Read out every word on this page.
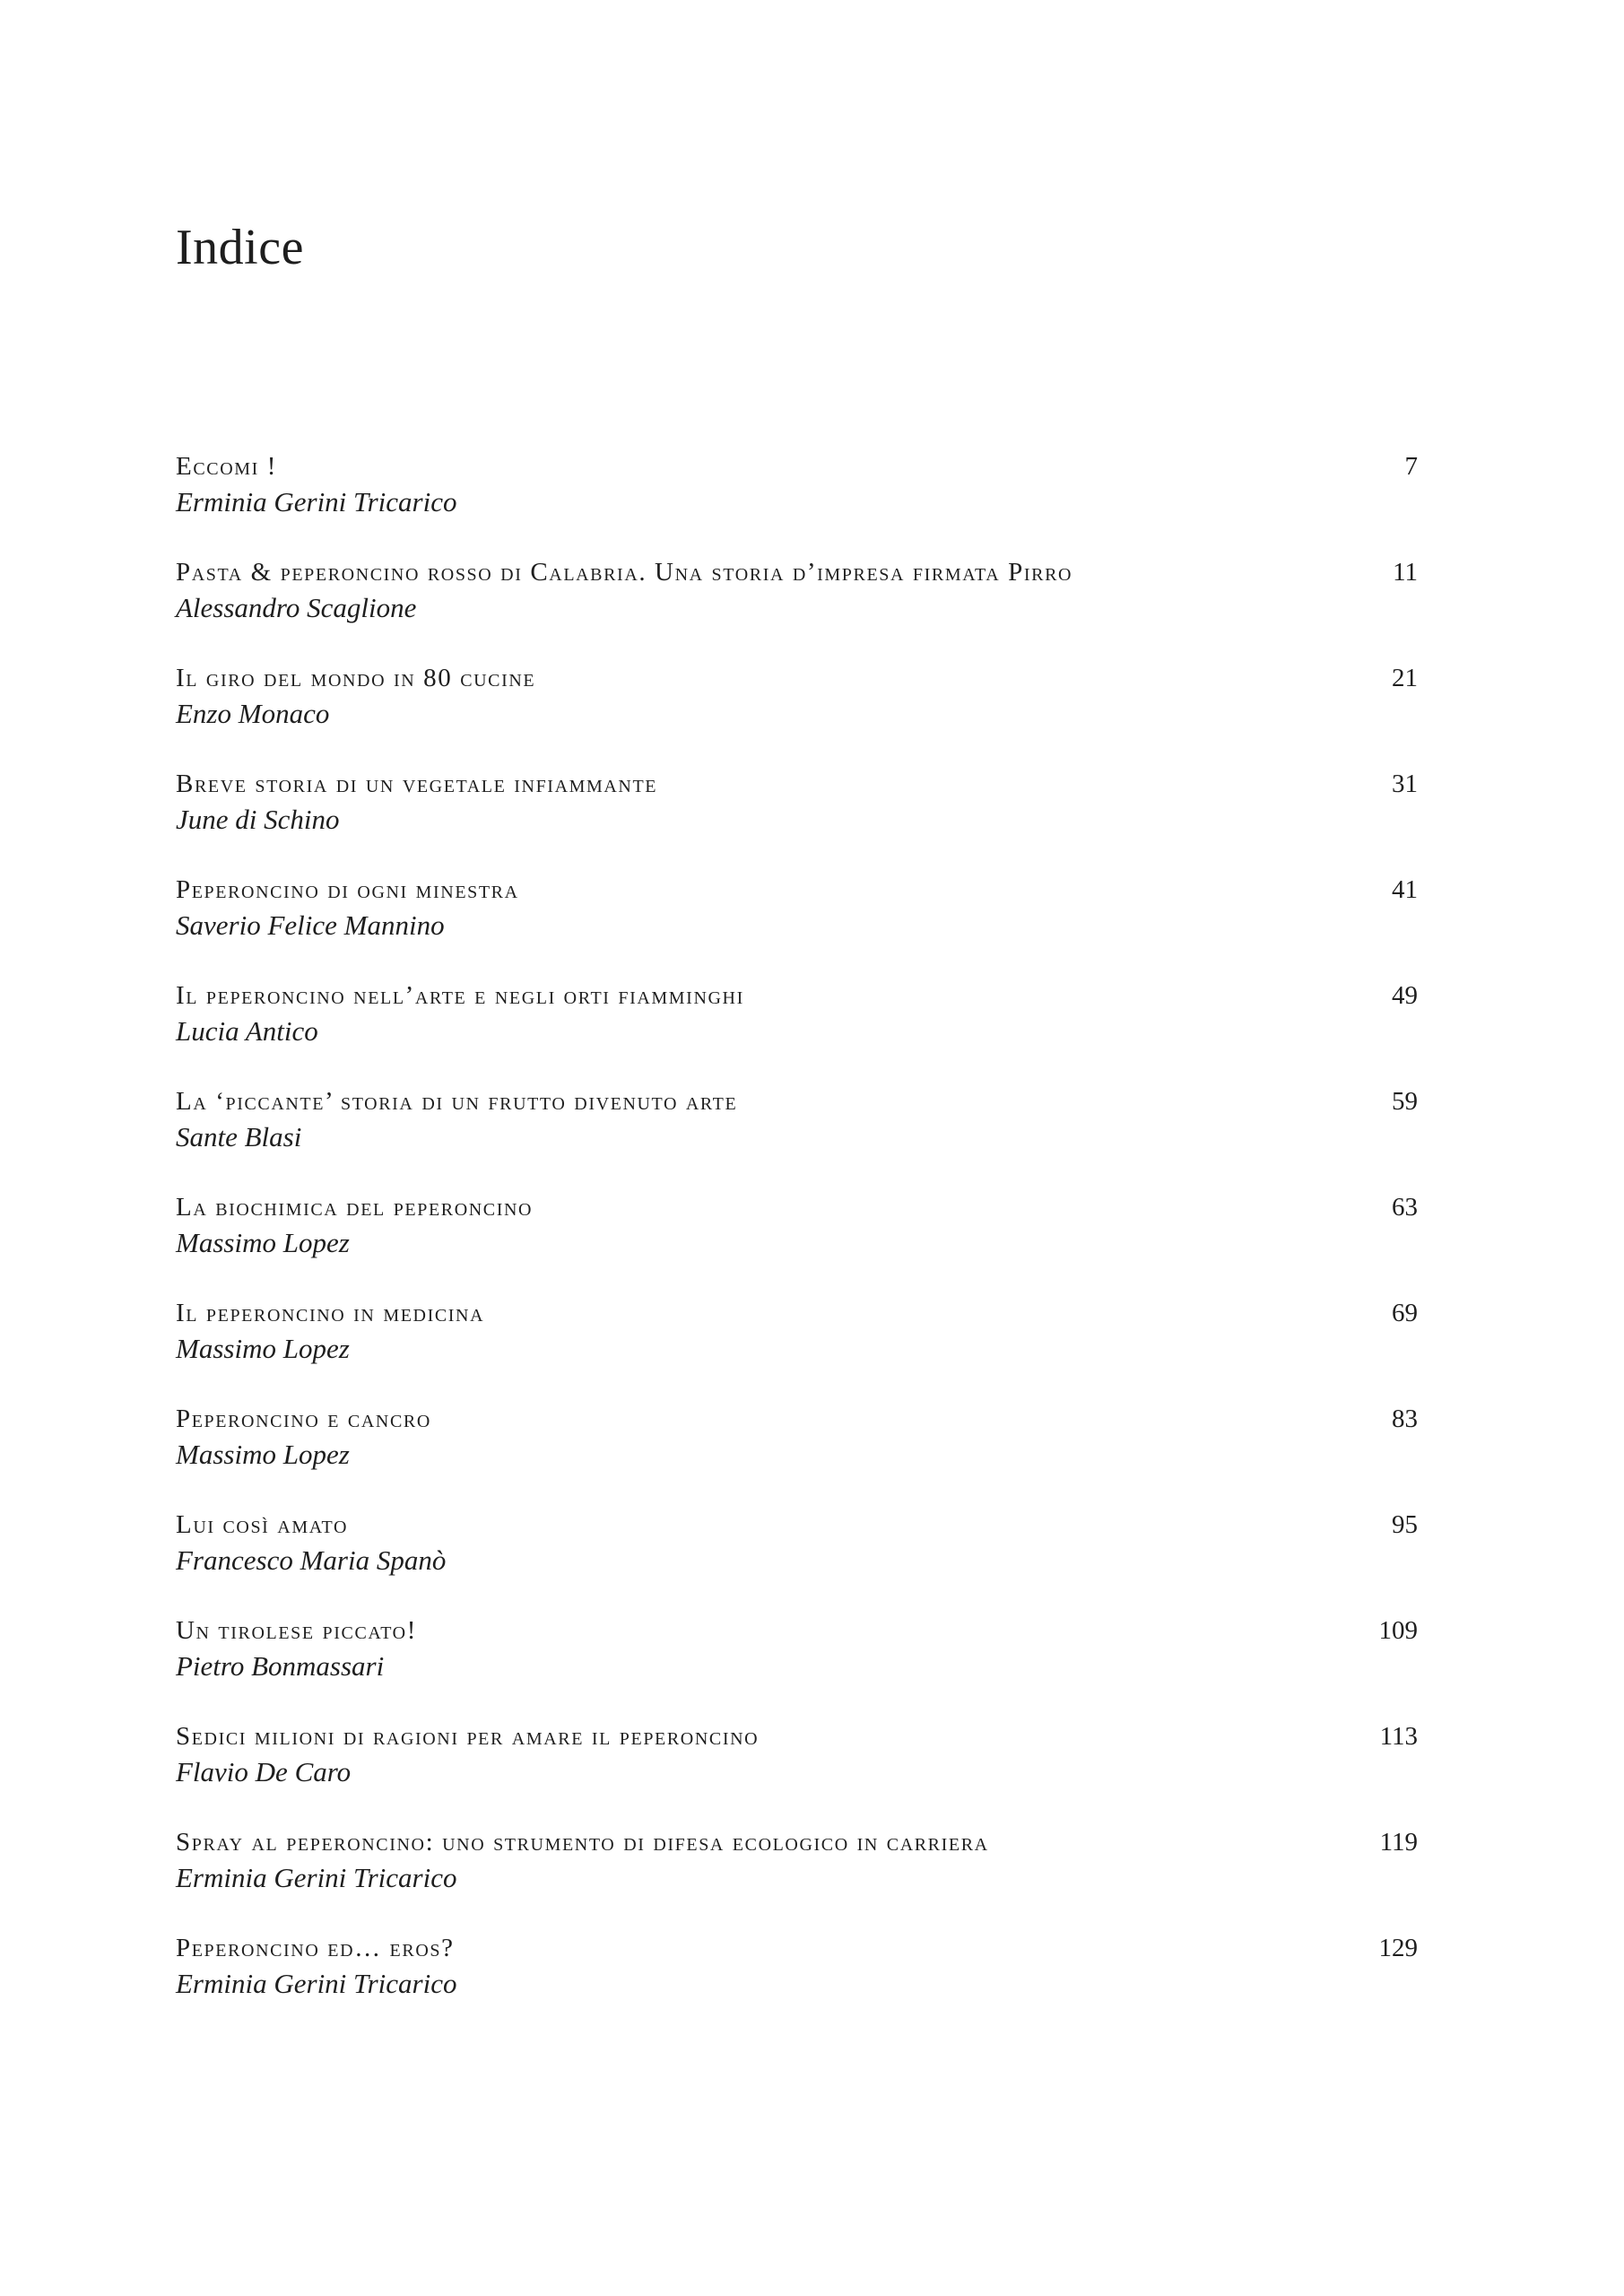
Indice
Eccomi !
Erminia Gerini Tricarico
7
Pasta & peperoncino rosso di Calabria. Una storia d’impresa firmata Pirro
Alessandro Scaglione
11
Il giro del mondo in 80 cucine
Enzo Monaco
21
Breve storia di un vegetale infiammante
June di Schino
31
Peperoncino di ogni minestra
Saverio Felice Mannino
41
Il peperoncino nell’arte e negli orti fiamminghi
Lucia Antico
49
La ‘piccante’ storia di un frutto divenuto arte
Sante Blasi
59
La biochimica del peperoncino
Massimo Lopez
63
Il peperoncino in medicina
Massimo Lopez
69
Peperoncino e cancro
Massimo Lopez
83
Lui così amato
Francesco Maria Spanò
95
Un tirolese piccato!
Pietro Bonmassari
109
Sedici milioni di ragioni per amare il peperoncino
Flavio De Caro
113
Spray al peperoncino: uno strumento di difesa ecologico in carriera
Erminia Gerini Tricarico
119
Peperoncino ed… eros?
Erminia Gerini Tricarico
129
